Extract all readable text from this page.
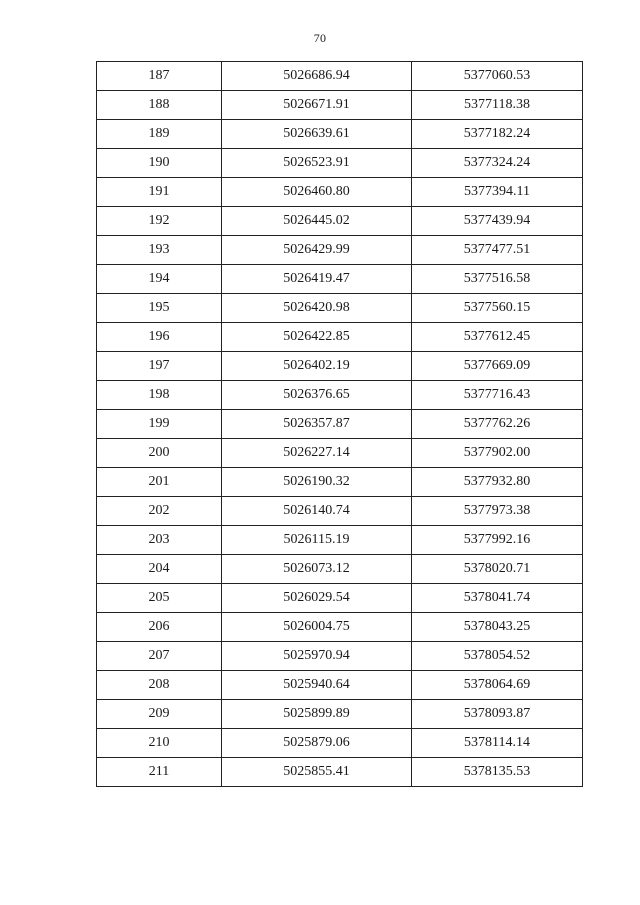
70
187	5026686.94	5377060.53
188	5026671.91	5377118.38
189	5026639.61	5377182.24
190	5026523.91	5377324.24
191	5026460.80	5377394.11
192	5026445.02	5377439.94
193	5026429.99	5377477.51
194	5026419.47	5377516.58
195	5026420.98	5377560.15
196	5026422.85	5377612.45
197	5026402.19	5377669.09
198	5026376.65	5377716.43
199	5026357.87	5377762.26
200	5026227.14	5377902.00
201	5026190.32	5377932.80
202	5026140.74	5377973.38
203	5026115.19	5377992.16
204	5026073.12	5378020.71
205	5026029.54	5378041.74
206	5026004.75	5378043.25
207	5025970.94	5378054.52
208	5025940.64	5378064.69
209	5025899.89	5378093.87
210	5025879.06	5378114.14
211	5025855.41	5378135.53
